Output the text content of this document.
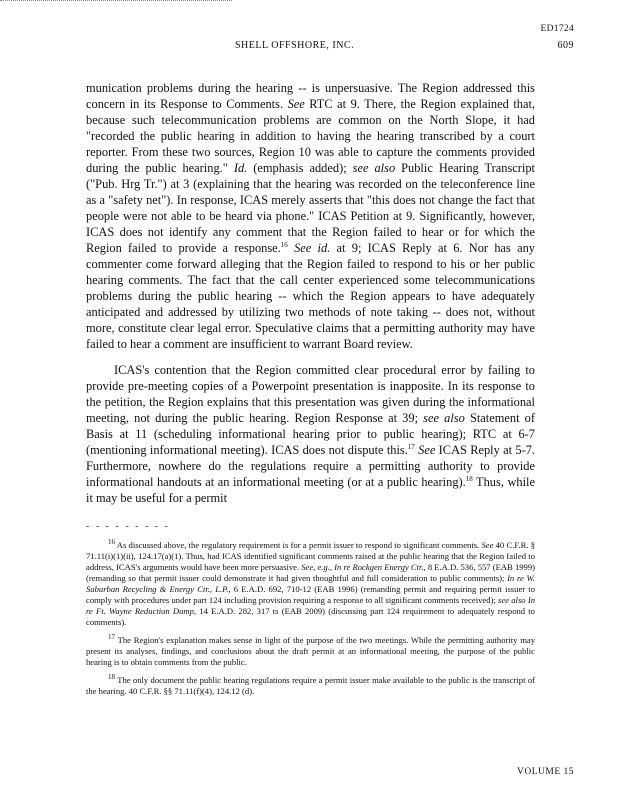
ED1724
SHELL OFFSHORE, INC.	609

munication problems during the hearing -- is unpersuasive. The Region addressed this concern in its Response to Comments. See RTC at 9. There, the Region explained that, because such telecommunication problems are common on the North Slope, it had "recorded the public hearing in addition to having the hearing transcribed by a court reporter. From these two sources, Region 10 was able to capture the comments provided during the public hearing." Id. (emphasis added); see also Public Hearing Transcript ("Pub. Hrg Tr.") at 3 (explaining that the hearing was recorded on the teleconference line as a "safety net"). In response, ICAS merely asserts that "this does not change the fact that people were not able to be heard via phone." ICAS Petition at 9. Significantly, however, ICAS does not identify any comment that the Region failed to hear or for which the Region failed to provide a response.$^{16}$ See id. at 9; ICAS Reply at 6. Nor has any commenter come forward alleging that the Region failed to respond to his or her public hearing comments. The fact that the call center experienced some telecommunications problems during the public hearing -- which the Region appears to have adequately anticipated and addressed by utilizing two methods of note taking -- does not, without more, constitute clear legal error. Speculative claims that a permitting authority may have failed to hear a comment are insufficient to warrant Board review.

ICAS's contention that the Region committed clear procedural error by failing to provide pre-meeting copies of a Powerpoint presentation is inapposite. In its response to the petition, the Region explains that this presentation was given during the informational meeting, not during the public hearing. Region Response at 39; see also Statement of Basis at 11 (scheduling informational hearing prior to public hearing); RTC at 6-7 (mentioning informational meeting). ICAS does not dispute this.$^{17}$ See ICAS Reply at 5-7. Furthermore, nowhere do the regulations require a permitting authority to provide informational handouts at an informational meeting (or at a public hearing).$^{18}$ Thus, while it may be useful for a permit

- - - - - - - - -

$^{16}$ As discussed above, the regulatory requirement is for a permit issuer to respond to significant comments. See 40 C.F.R. § 71.11(i)(1)(ii), 124.17(a)(1). Thus, had ICAS identified significant comments raised at the public hearing that the Region failed to address, ICAS's arguments would have been more persuasive. See, e.g., In re Rockgen Energy Ctr., 8 E.A.D. 536, 557 (EAB 1999) (remanding so that permit issuer could demonstrate it had given thoughtful and full consideration to public comments); In re W. Suburban Recycling & Energy Ctr., L.P., 6 E.A.D. 692, 710-12 (EAB 1996) (remanding permit and requiring permit issuer to comply with procedures under part 124 including provision requiring a response to all significant comments received); see also In re Ft. Wayne Reduction Dump, 14 E.A.D. 282, 317 ts (EAB 2009) (discussing part 124 requirement to adequately respond to comments).

$^{17}$ The Region's explanation makes sense in light of the purpose of the two meetings. While the permitting authority may present its analyses, findings, and conclusions about the draft permit at an informational meeting, the purpose of the public hearing is to obtain comments from the public.

$^{18}$ The only document the public hearing regulations require a permit issuer make available to the public is the transcript of the hearing. 40 C.F.R. §§ 71.11(f)(4), 124.12 (d).

VOLUME 15
